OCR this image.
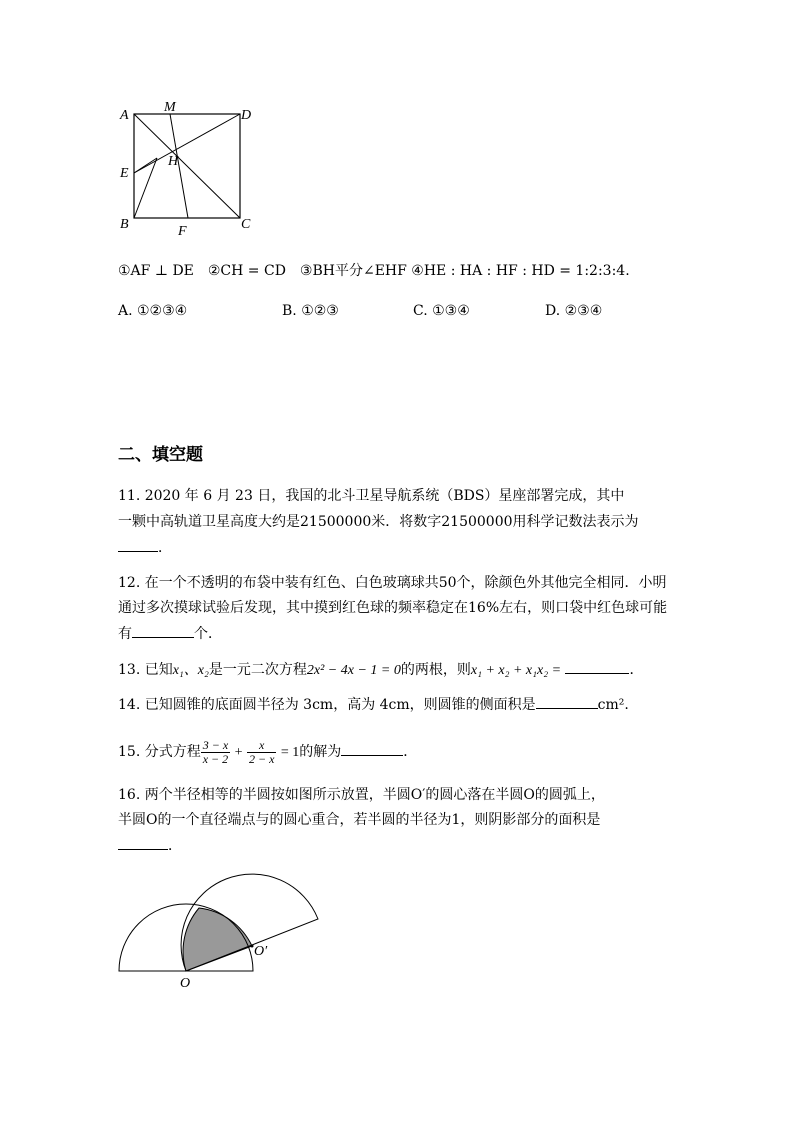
A
M
D
E
H
B	F	C
①AF ⊥ DE　②CH = CD　③BH平分∠EHF ④HE : HA : HF : HD = 1:2:3:4.
A. ①②③④	B. ①②③	C. ①③④	D. ②③④
二、填空题
11. 2020 年 6 月 23 日，我国的北斗卫星导航系统（BDS）星座部署完成，其中
一颗中高轨道卫星高度大约是21500000米．将数字21500000用科学记数法表示为
．
12. 在一个不透明的布袋中装有红色、白色玻璃球共50个，除颜色外其他完全相同．小明
通过多次摸球试验后发现，其中摸到红色球的频率稳定在16%左右，则口袋中红色球可能
有	个．
13. 已知x₁、x₂是一元二次方程2x² − 4x − 1 = 0的两根，则x₁ + x₂ + x₁x₂ =	．
14. 已知圆锥的底面圆半径为 3cm，高为 4cm，则圆锥的侧面积是	cm².
15. 分式方程 $\frac{3 - x}{x - 2} + \frac{x}{2 - x} = 1$的解为	．
16. 两个半径相等的半圆按如图所示放置，半圆O′的圆心落在半圆O的圆弧上，
半圆O的一个直径端点与的圆心重合，若半圆的半径为1，则阴影部分的面积是
．
O
O′
